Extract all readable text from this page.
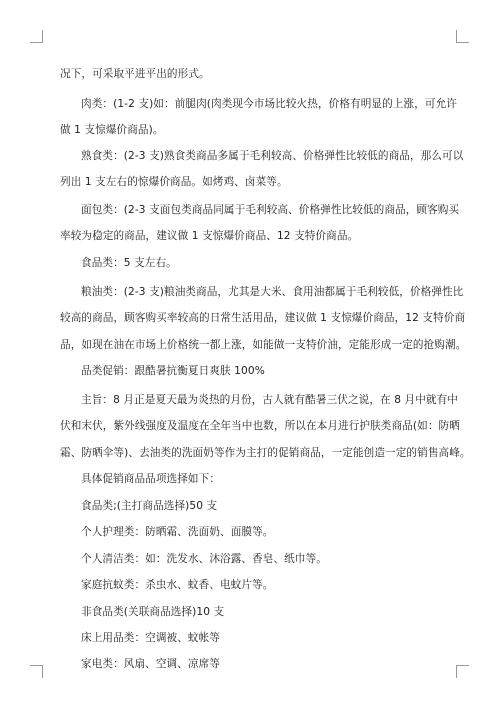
况下，可采取平进平出的形式。
肉类：(1-2 支)如：前腿肉(肉类现今市场比较火热，价格有明显的上涨，可允许
做 1 支惊爆价商品)。
熟食类：(2-3 支)熟食类商品多属于毛利较高、价格弹性比较低的商品，那么可以
列出 1 支左右的惊爆价商品。如烤鸡、卤菜等。
面包类：(2-3 支面包类商品同属于毛利较高、价格弹性比较低的商品，顾客购买
率较为稳定的商品，建议做 1 支惊爆价商品、12 支特价商品。
食品类：5 支左右。
粮油类：(2-3 支)粮油类商品，尤其是大米、食用油都属于毛利较低，价格弹性比
较高的商品，顾客购买率较高的日常生活用品，建议做 1 支惊爆价商品，12 支特价商
品，如现在油在市场上价格统一都上涨，如能做一支特价油，定能形成一定的抢购潮。
品类促销：跟酷暑抗衡夏日爽肤 100%
主旨：8 月正是夏天最为炎热的月份，古人就有酷暑三伏之说，在 8 月中就有中
伏和末伏，紫外线强度及温度在全年当中也数，所以在本月进行护肤类商品(如：防晒
霜、防晒伞等)、去油类的洗面奶等作为主打的促销商品，一定能创造一定的销售高峰。
具体促销商品品项选择如下：
食品类;(主打商品选择)50 支
个人护理类：防晒霜、洗面奶、面膜等。
个人清洁类：如：洗发水、沐浴露、香皂、纸巾等。
家庭抗蚊类：杀虫水、蚊香、电蚊片等。
非食品类(关联商品选择)10 支
床上用品类：空调被、蚊帐等
家电类：风扇、空调、凉席等
